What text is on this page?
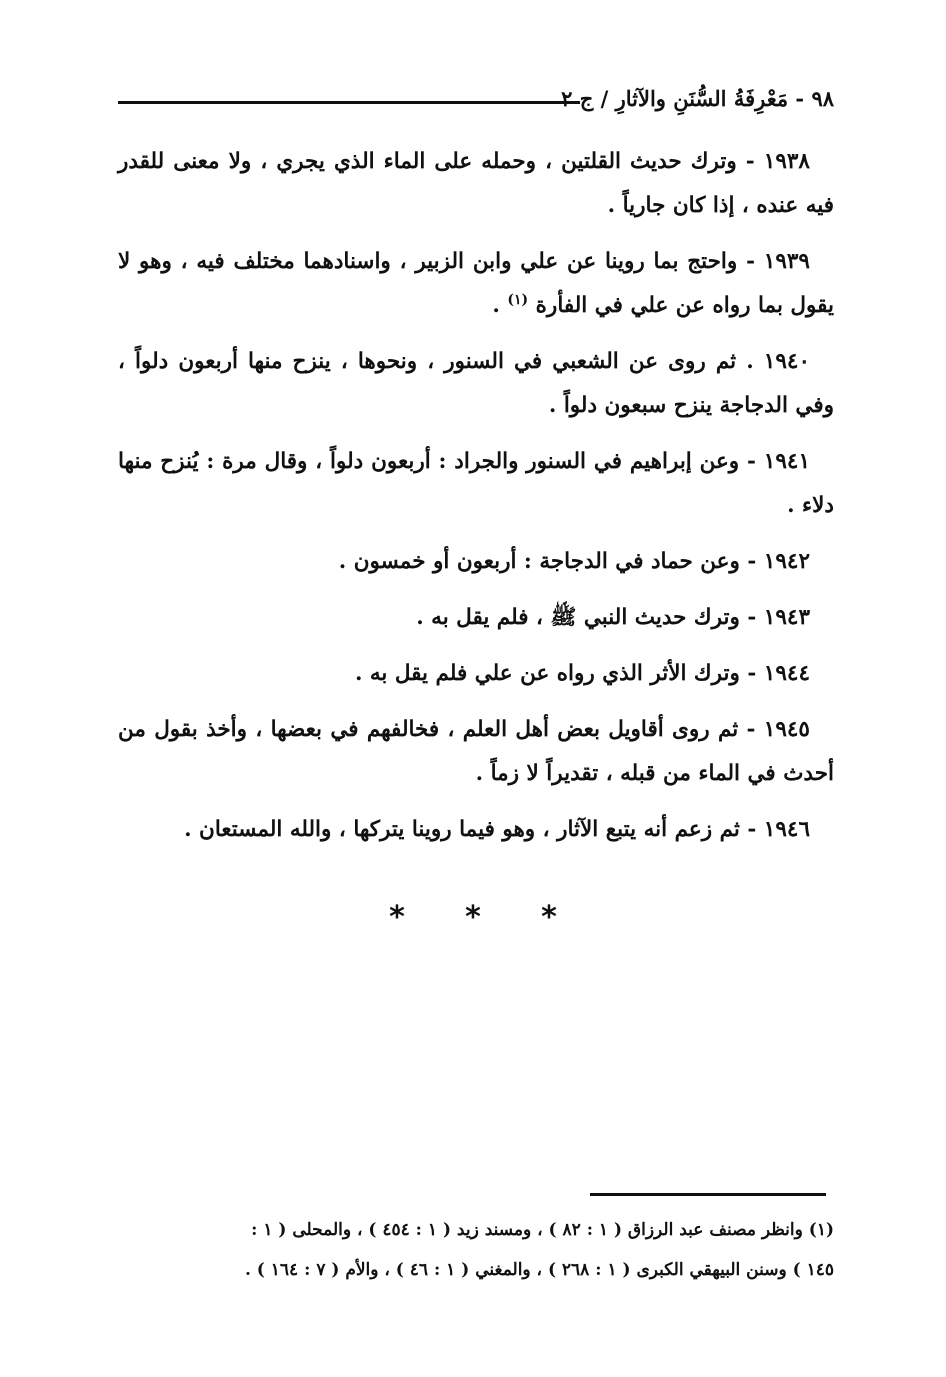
٩٨ - مَعْرِفَةُ السُّنَنِ والآثارِ / ج ٢

١٩٣٨ - وترك حديث القلتين ، وحمله على الماء الذي يجري ، ولا معنى للقدر فيه عنده ، إذا كان جارياً .

١٩٣٩ - واحتج بما روينا عن علي وابن الزبير ، واسنادهما مختلف فيه ، وهو لا يقول بما رواه عن علي في الفأرة $^{(١)}$ .

١٩٤٠ . ثم روى عن الشعبي في السنور ، ونحوها ، ينزح منها أربعون دلواً ، وفي الدجاجة ينزح سبعون دلواً .

١٩٤١ - وعن إبراهيم في السنور والجراد : أربعون دلواً ، وقال مرة : يُنزح منها دلاء .

١٩٤٢ - وعن حماد في الدجاجة : أربعون أو خمسون .

١٩٤٣ - وترك حديث النبي ﷺ ، فلم يقل به .

١٩٤٤ - وترك الأثر الذي رواه عن علي فلم يقل به .

١٩٤٥ - ثم روى أقاويل بعض أهل العلم ، فخالفهم في بعضها ، وأخذ بقول من أحدث في الماء من قبله ، تقديراً لا زماً .

١٩٤٦ - ثم زعم أنه يتبع الآثار ، وهو فيما روينا يتركها ، والله المستعان .

*	*	*
(١) وانظر مصنف عبد الرزاق ( ١ : ٨٢ ) ، ومسند زيد ( ١ : ٤٥٤ ) ، والمحلى ( ١ :
١٤٥ ) وسنن البيهقي الكبرى ( ١ : ٢٦٨ ) ، والمغني ( ١ : ٤٦ ) ، والأم ( ٧ : ١٦٤ ) .
